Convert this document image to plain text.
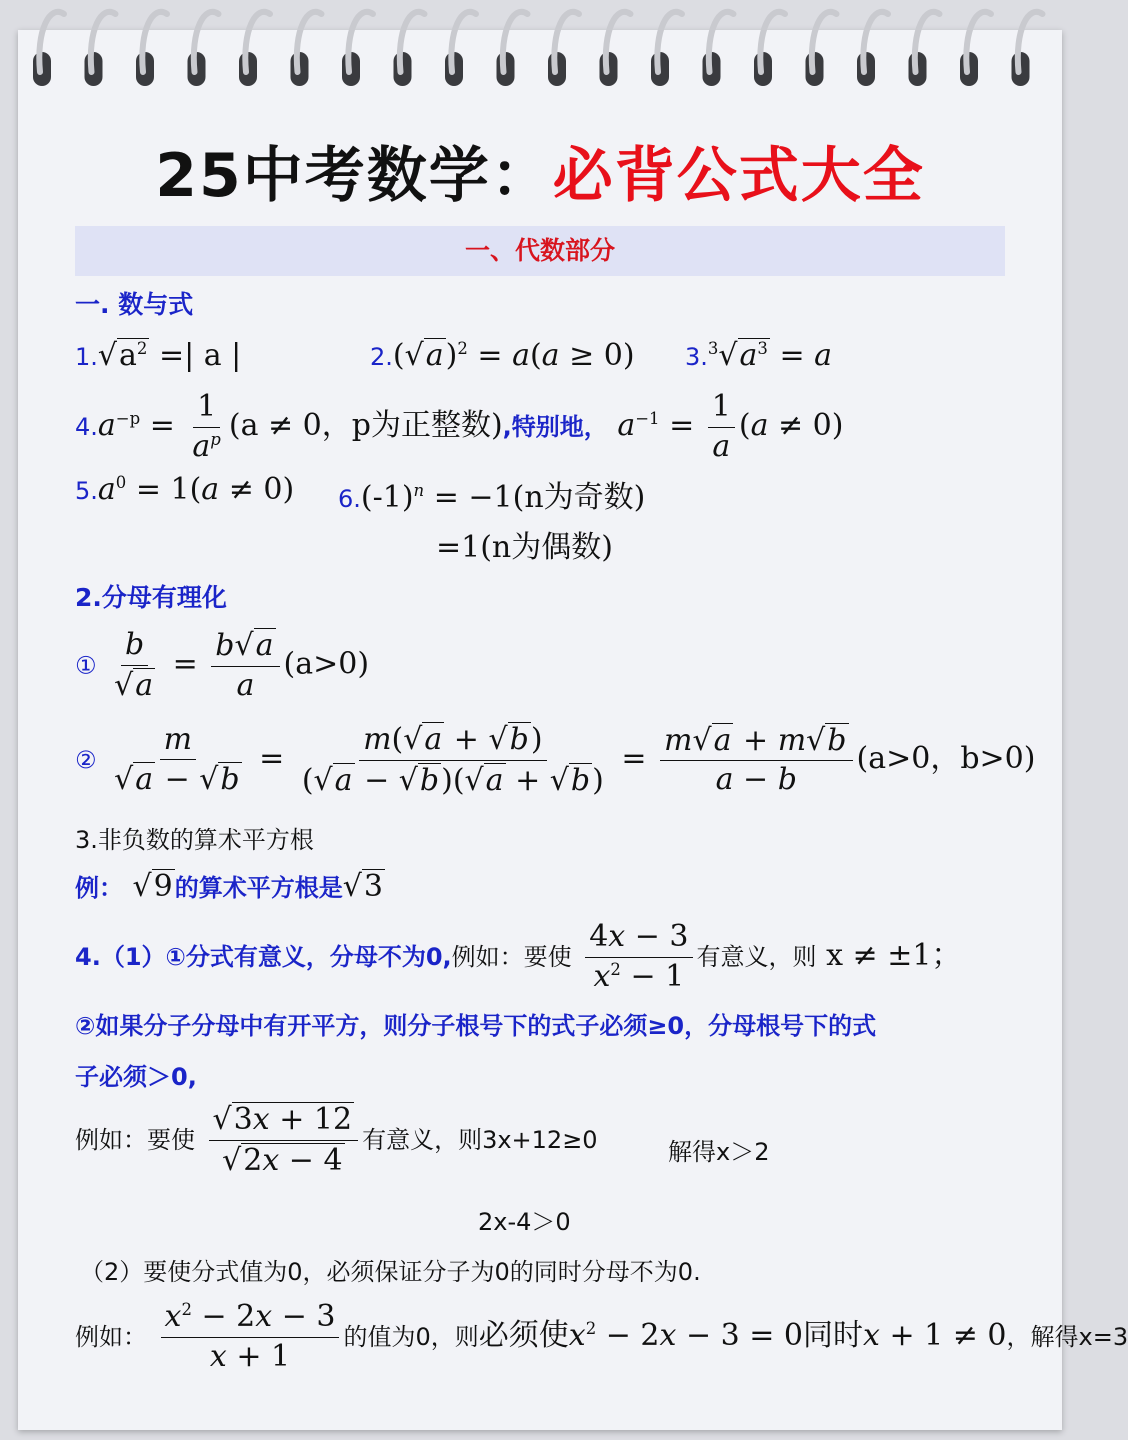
25中考数学：必背公式大全
一、代数部分
一. 数与式
$1.√a^2$ =| a |	$2.(√a)^2 = a(a \ge 0) 3.^3√a^3 = a$
$4.a^{-p} = \frac{1}{a^p} (a \ne 0$，p为正整数),特别地， $a^{-1} = \frac{1}{a} (a \ne 0)$
$5.a^0 = 1(a \ne 0) 6.(-1)^n = -1(n$为奇数)
=1(n为偶数)
2.分母有理化
① $\frac{b}{√a} = \frac{b√a}{a} (a>0)$
② $\frac{m}{√a - √b} = \frac{m(√a + √b)}{(√a - √b)(√a + √b)} = \frac{m√a + m√b}{a - b} (a>0$，b>0)
3.非负数的算术平方根
例： √9的算术平方根是√3
4.（1）①分式有意义，分母不为0,例如：要使 $\frac{4x - 3}{x^2 - 1}$ 有意义，则 x ≠ ±1；
②如果分子分母中有开平方，则分子根号下的式子必须≥0，分母根号下的式
子必须＞0,
例如：要使 $\frac{√3x + 12}{√2x - 4}$ 有意义，则3x+12≥0	解得x＞2
2x-4＞0
（2）要使分式值为0，必须保证分子为0的同时分母不为0.
例如： $\frac{x^2 - 2x - 3}{x + 1}$ 的值为0，则必须使$x^2 - 2x - 3 = 0$同时x + 1 ≠ 0，解得x=3
